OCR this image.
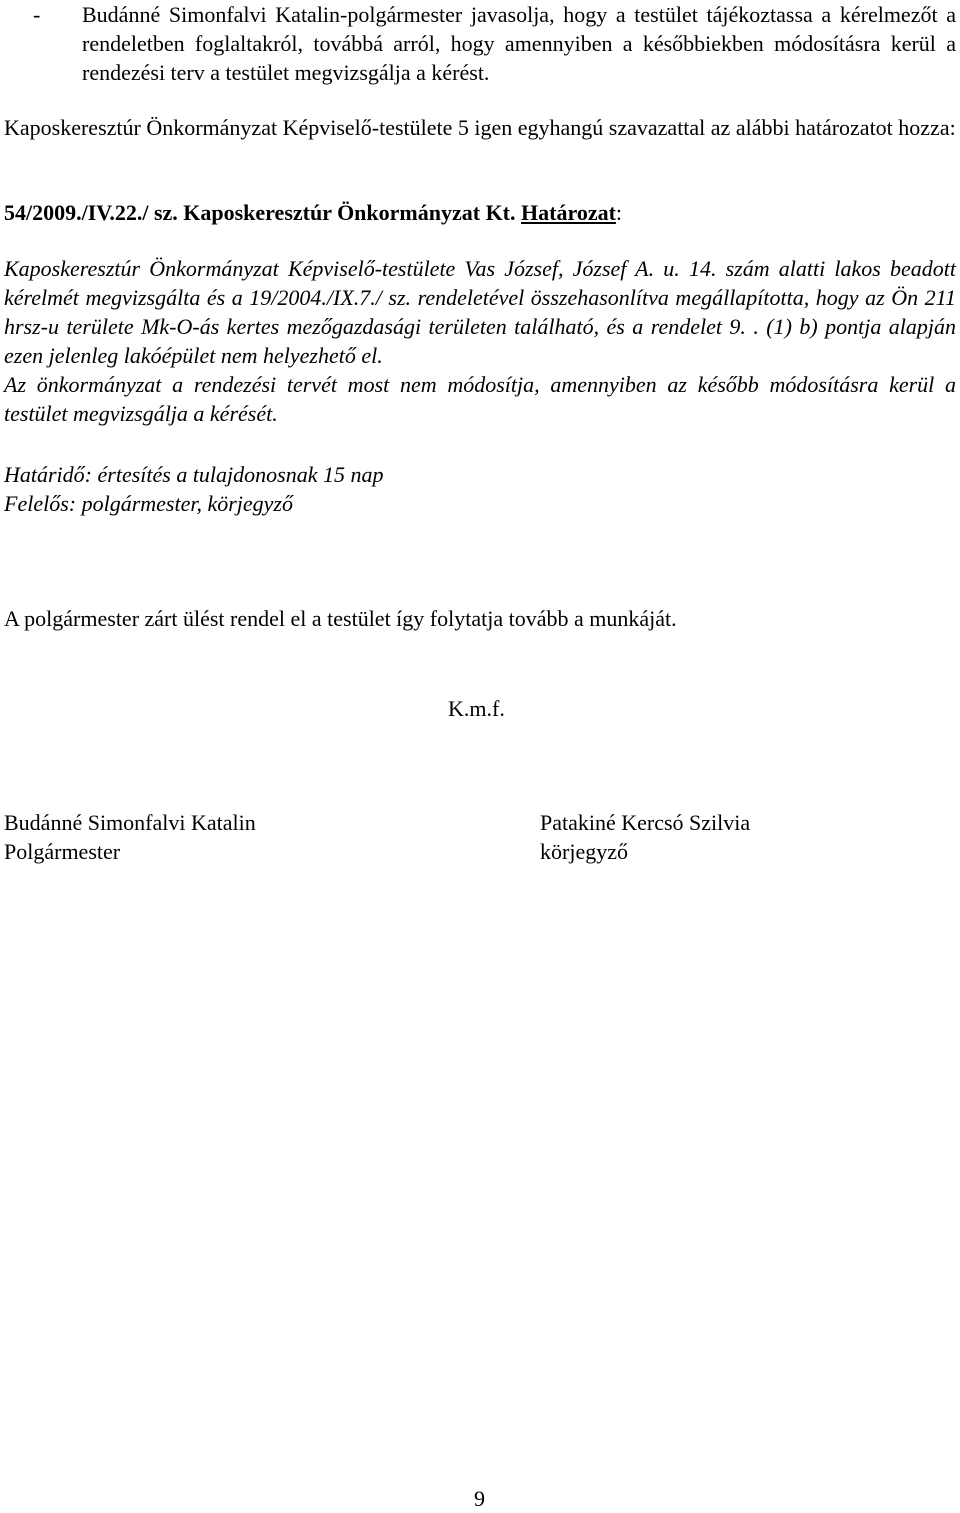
- Budánné Simonfalvi Katalin-polgármester javasolja, hogy a testület tájékoztassa a kérelmezőt a rendeletben foglaltakról, továbbá arról, hogy amennyiben a későbbiekben módosításra kerül a rendezési terv a testület megvizsgálja a kérést.
Kaposkeresztúr Önkormányzat Képviselő-testülete 5 igen egyhangú szavazattal az alábbi határozatot hozza:
54/2009./IV.22./ sz. Kaposkeresztúr Önkormányzat Kt. Határozat:
Kaposkeresztúr Önkormányzat Képviselő-testülete Vas József, József A. u. 14. szám alatti lakos beadott kérelmét megvizsgálta és a 19/2004./IX.7./ sz. rendeletével összehasonlítva megállapította, hogy az Ön 211 hrsz-u területe Mk-O-ás kertes mezőgazdasági területen található, és a rendelet 9. . (1) b) pontja alapján ezen jelenleg lakóépület nem helyezhető el.
Az önkormányzat a rendezési tervét most nem módosítja, amennyiben az később módosításra kerül a testület megvizsgálja a kérését.
Határidő: értesítés a tulajdonosnak 15 nap
Felelős: polgármester, körjegyző
A polgármester zárt ülést rendel el a testület így folytatja tovább a munkáját.
K.m.f.
Budánné Simonfalvi Katalin
Polgármester
Patakiné Kercsó Szilvia
körjegyző
9
